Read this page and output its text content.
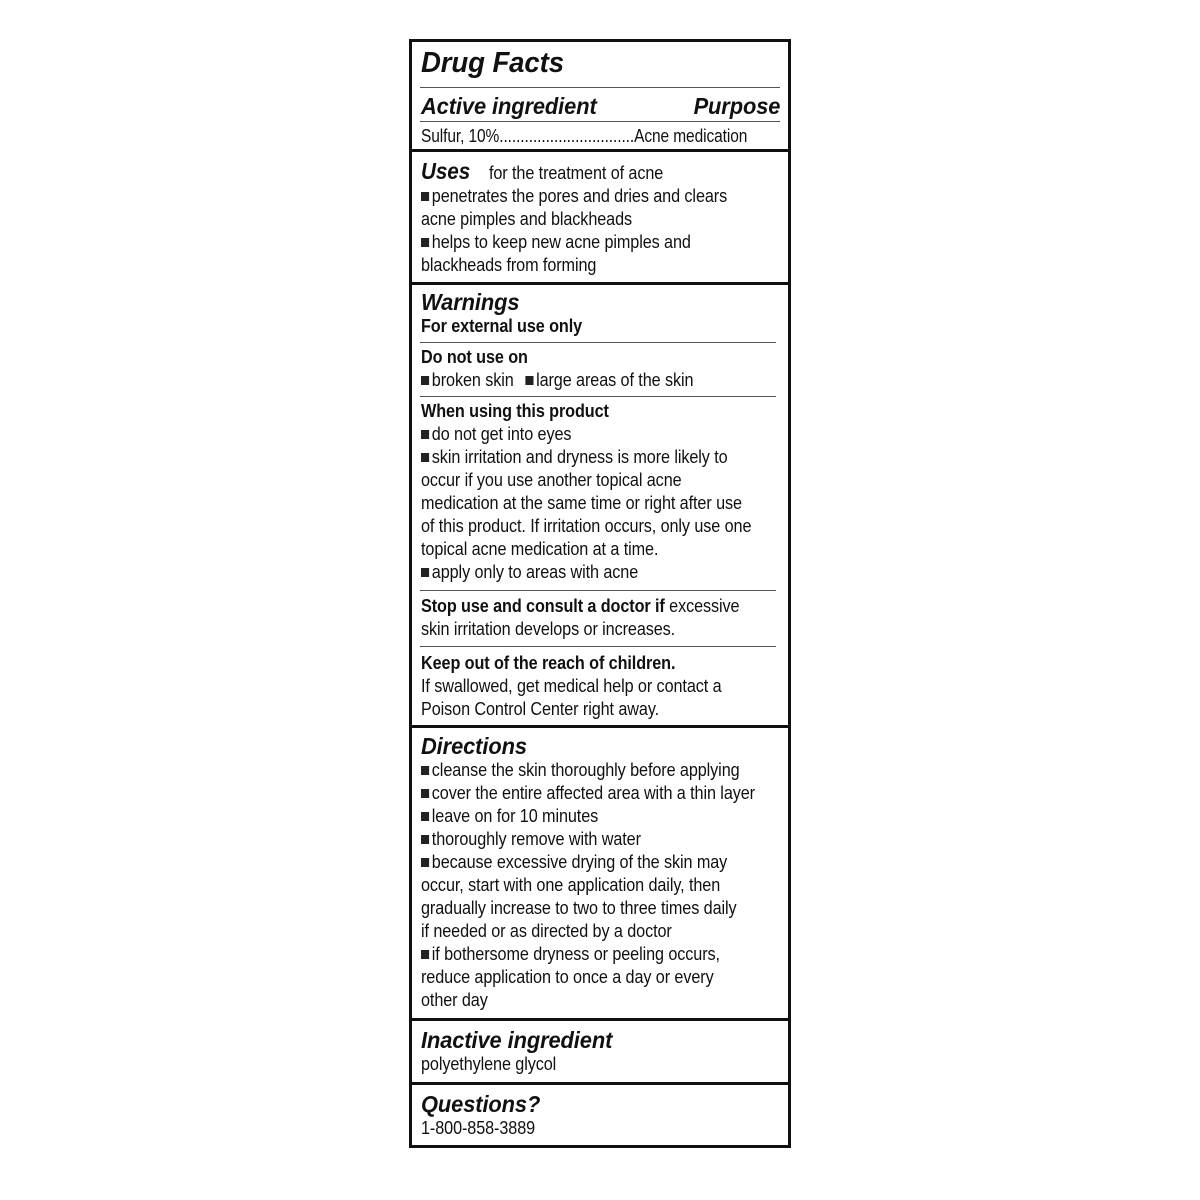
Drug Facts
Active ingredient	Purpose
Sulfur, 10%................................Acne medication
Uses for the treatment of acne
penetrates the pores and dries and clears
acne pimples and blackheads
helps to keep new acne pimples and
blackheads from forming
Warnings
For external use only
Do not use on
broken skin large areas of the skin
When using this product
do not get into eyes
skin irritation and dryness is more likely to
occur if you use another topical acne
medication at the same time or right after use
of this product. If irritation occurs, only use one
topical acne medication at a time.
apply only to areas with acne
Stop use and consult a doctor if excessive
skin irritation develops or increases.
Keep out of the reach of children.
If swallowed, get medical help or contact a
Poison Control Center right away.
Directions
cleanse the skin thoroughly before applying
cover the entire affected area with a thin layer
leave on for 10 minutes
thoroughly remove with water
because excessive drying of the skin may
occur, start with one application daily, then
gradually increase to two to three times daily
if needed or as directed by a doctor
if bothersome dryness or peeling occurs,
reduce application to once a day or every
other day
Inactive ingredient
polyethylene glycol
Questions?
1-800-858-3889
